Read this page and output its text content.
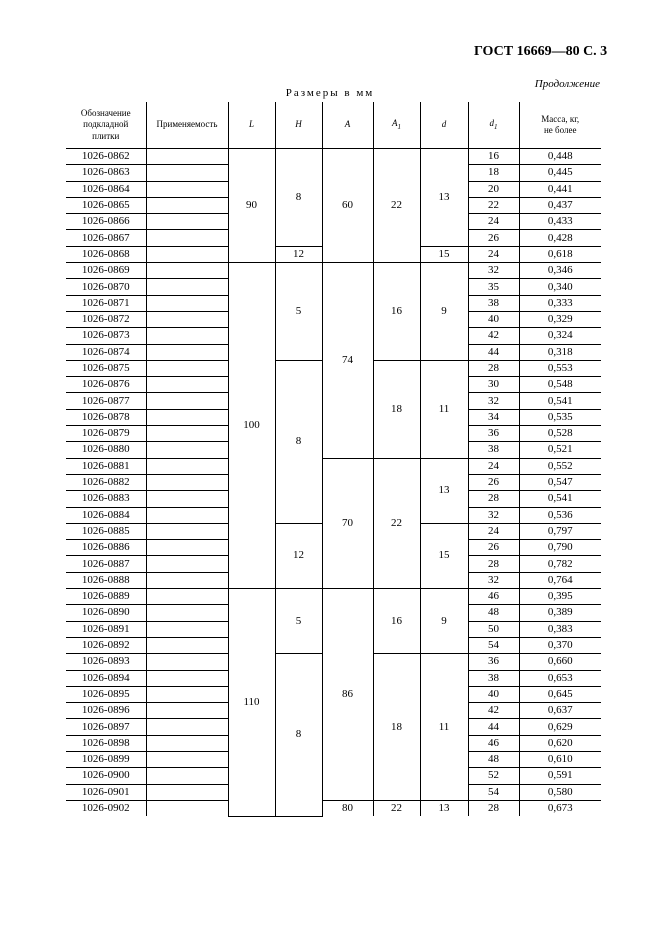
ГОСТ 16669—80 С. 3
Продолжение
Размеры в мм
Обозначение
подкладной
плитки	Применяемость	L	H	A	$A_1$	d	$d_1$	Масса, кг,
не более
1026-0862		90	8	60	22	13	16	0,448
1026-0863							18	0,445
1026-0864							20	0,441
1026-0865							22	0,437
1026-0866							24	0,433
1026-0867							26	0,428
1026-0868			12			15	24	0,618
1026-0869		100	5	74	16	9	32	0,346
1026-0870							35	0,340
1026-0871							38	0,333
1026-0872							40	0,329
1026-0873							42	0,324
1026-0874							44	0,318
1026-0875			8		18	11	28	0,553
1026-0876							30	0,548
1026-0877							32	0,541
1026-0878							34	0,535
1026-0879							36	0,528
1026-0880							38	0,521
1026-0881				70	22	13	24	0,552
1026-0882							26	0,547
1026-0883							28	0,541
1026-0884							32	0,536
1026-0885			12			15	24	0,797
1026-0886							26	0,790
1026-0887							28	0,782
1026-0888							32	0,764
1026-0889		110	5	86	16	9	46	0,395
1026-0890							48	0,389
1026-0891							50	0,383
1026-0892							54	0,370
1026-0893			8		18	11	36	0,660
1026-0894							38	0,653
1026-0895							40	0,645
1026-0896							42	0,637
1026-0897							44	0,629
1026-0898							46	0,620
1026-0899							48	0,610
1026-0900							52	0,591
1026-0901							54	0,580
1026-0902				80	22	13	28	0,673
